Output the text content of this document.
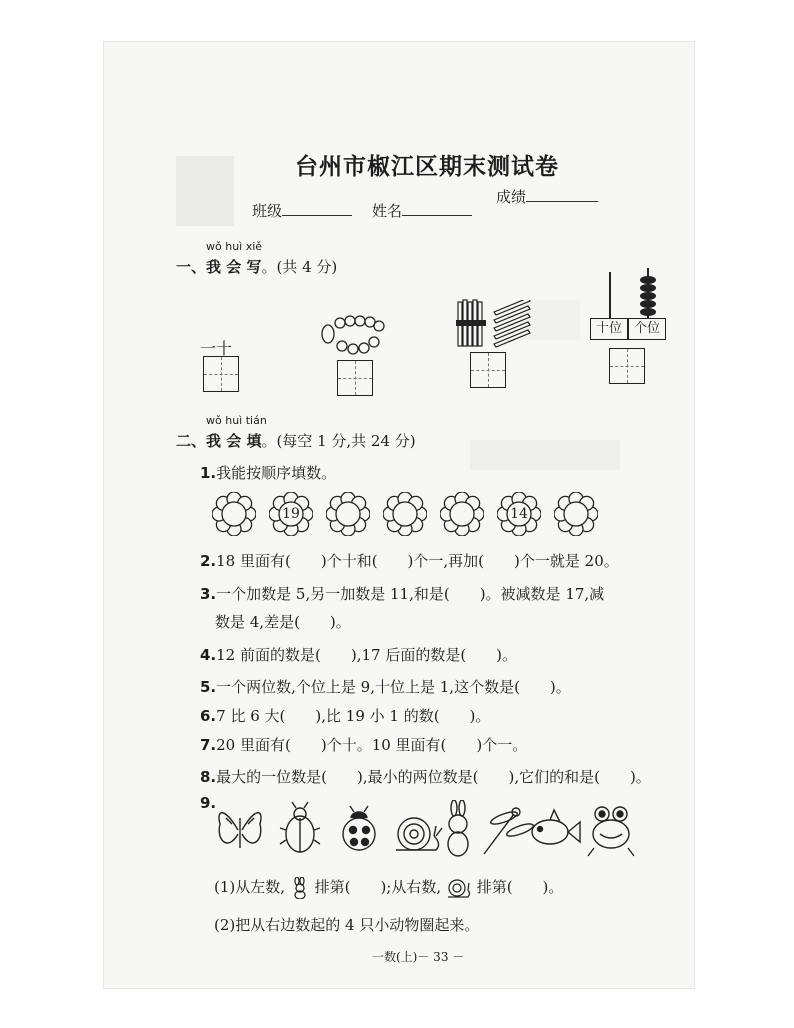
台州市椒江区期末测试卷
班级	姓名
成绩
wǒ huì xiě
一、我 会 写。(共 4 分)
一十
十位 个位
wǒ huì tián
二、我 会 填。(每空 1 分,共 24 分)
1.我能按顺序填数。
19	14
2.18 里面有(　　)个十和(　　)个一,再加(　　)个一就是 20。
3.一个加数是 5,另一加数是 11,和是(　　)。被减数是 17,减
数是 4,差是(　　)。
4.12 前面的数是(　　),17 后面的数是(　　)。
5.一个两位数,个位上是 9,十位上是 1,这个数是(　　)。
6.7 比 6 大(　　),比 19 小 1 的数(　　)。
7.20 里面有(　　)个十。10 里面有(　　)个一。
8.最大的一位数是(　　),最小的两位数是(　　),它们的和是(　　)。
9.
(1)从左数, 排第(　　);从右数, 排第(　　)。
(2)把从右边数起的 4 只小动物圈起来。
一数(上)－ 33 －
